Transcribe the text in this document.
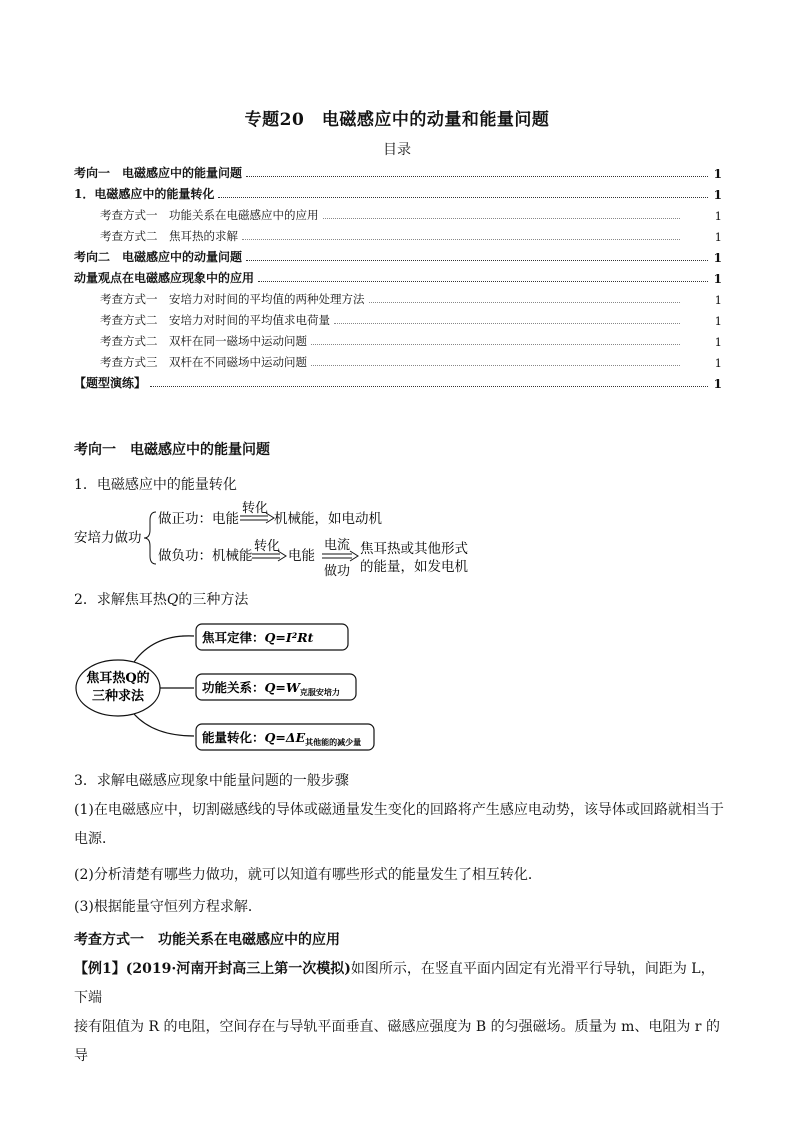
专题20　电磁感应中的动量和能量问题
目录
考向一　电磁感应中的能量问题	1
1．电磁感应中的能量转化	1
考查方式一　功能关系在电磁感应中的应用	1
考查方式二　焦耳热的求解	1
考向二　电磁感应中的动量问题	1
动量观点在电磁感应现象中的应用	1
考查方式一　安培力对时间的平均值的两种处理方法	1
考查方式二　安培力对时间的平均值求电荷量	1
考查方式二　双杆在同一磁场中运动问题	1
考查方式三　双杆在不同磁场中运动问题	1
【题型演练】	1
考向一　电磁感应中的能量问题
1．电磁感应中的能量转化
安培力做功
做正功：电能
转化
机械能，如电动机
做负功：机械能
转化
电能
电流
做功
焦耳热或其他形式
的能量，如发电机
2．求解焦耳热Q的三种方法
焦耳热Q的
三种求法
焦耳定律：Q=I²Rt
功能关系：$Q=W_{克服安培力}$
能量转化：$Q=\Delta E_{其他能的减少量}$
3．求解电磁感应现象中能量问题的一般步骤
(1)在电磁感应中，切割磁感线的导体或磁通量发生变化的回路将产生感应电动势，该导体或回路就相当于
电源．
(2)分析清楚有哪些力做功，就可以知道有哪些形式的能量发生了相互转化．
(3)根据能量守恒列方程求解．
考查方式一　功能关系在电磁感应中的应用
【例1】(2019·河南开封高三上第一次模拟)如图所示，在竖直平面内固定有光滑平行导轨，间距为 L，下端
接有阻值为 R 的电阻，空间存在与导轨平面垂直、磁感应强度为 B 的匀强磁场。质量为 m、电阻为 r 的导
